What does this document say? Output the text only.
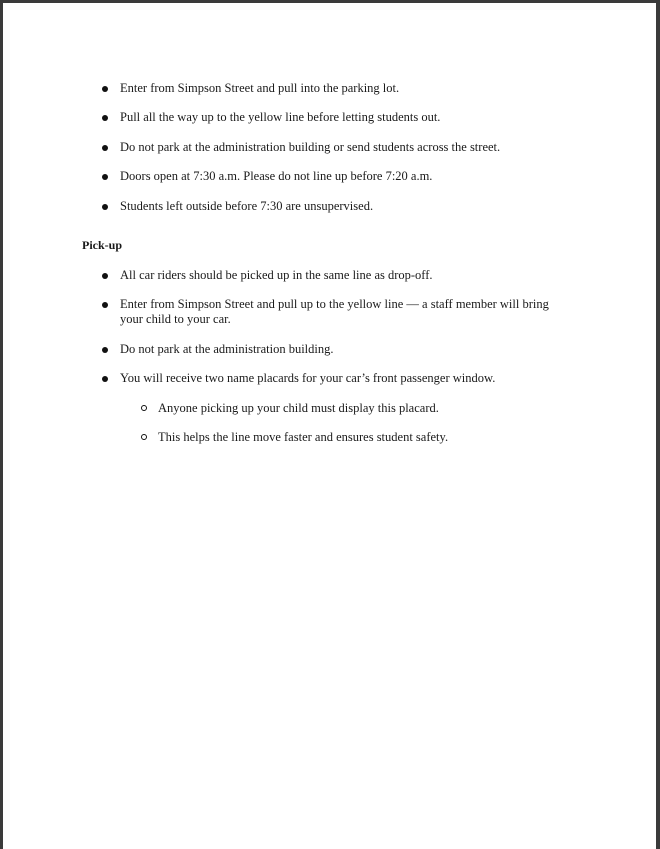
Enter from Simpson Street and pull into the parking lot.
Pull all the way up to the yellow line before letting students out.
Do not park at the administration building or send students across the street.
Doors open at 7:30 a.m. Please do not line up before 7:20 a.m.
Students left outside before 7:30 are unsupervised.
Pick-up
All car riders should be picked up in the same line as drop-off.
Enter from Simpson Street and pull up to the yellow line — a staff member will bring your child to your car.
Do not park at the administration building.
You will receive two name placards for your car’s front passenger window.
Anyone picking up your child must display this placard.
This helps the line move faster and ensures student safety.
